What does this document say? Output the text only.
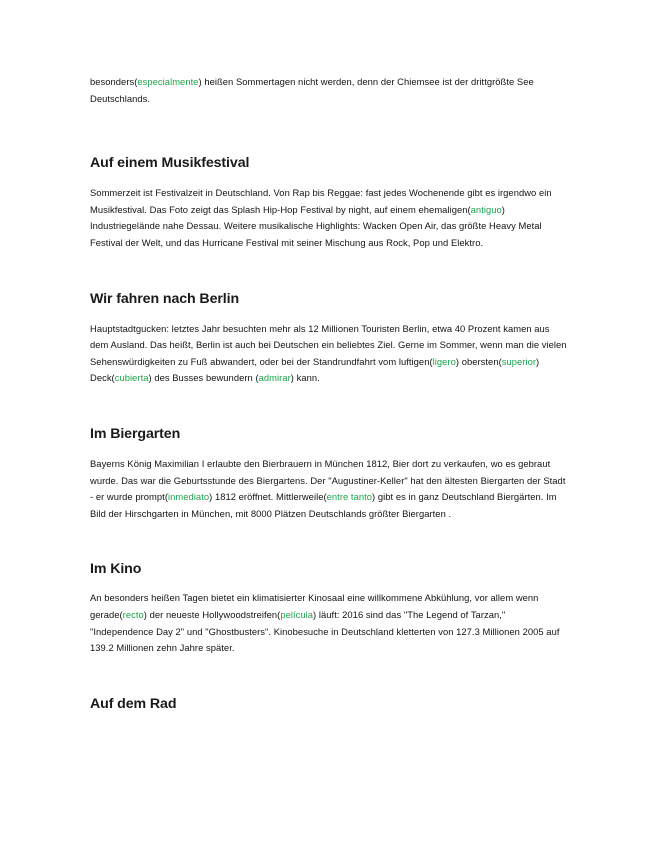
besonders(especialmente) heißen Sommertagen nicht werden, denn der Chiemsee ist der drittgrößte See Deutschlands.

Auf einem Musikfestival

Sommerzeit ist Festivalzeit in Deutschland. Von Rap bis Reggae: fast jedes Wochenende gibt es irgendwo ein Musikfestival. Das Foto zeigt das Splash Hip-Hop Festival by night, auf einem ehemaligen(antiguo) Industriegelände nahe Dessau. Weitere musikalische Highlights: Wacken Open Air, das größte Heavy Metal Festival der Welt, und das Hurricane Festival mit seiner Mischung aus Rock, Pop und Elektro.

Wir fahren nach Berlin

Hauptstadtgucken: letztes Jahr besuchten mehr als 12 Millionen Touristen Berlin, etwa 40 Prozent kamen aus dem Ausland. Das heißt, Berlin ist auch bei Deutschen ein beliebtes Ziel. Gerne im Sommer, wenn man die vielen Sehenswürdigkeiten zu Fuß abwandert, oder bei der Standrundfahrt vom luftigen(ligero) obersten(superior) Deck(cubierta) des Busses bewundern (admirar) kann.

Im Biergarten

Bayerns König Maximilian I erlaubte den Bierbrauern in München 1812, Bier dort zu verkaufen, wo es gebraut wurde. Das war die Geburtsstunde des Biergartens. Der "Augustiner-Keller" hat den ältesten Biergarten der Stadt - er wurde prompt(inmediato) 1812 eröffnet. Mittlerweile(entre tanto) gibt es in ganz Deutschland Biergärten. Im Bild der Hirschgarten in München, mit 8000 Plätzen Deutschlands größter Biergarten .

Im Kino

An besonders heißen Tagen bietet ein klimatisierter Kinosaal eine willkommene Abkühlung, vor allem wenn gerade(recto) der neueste Hollywoodstreifen(película) läuft: 2016 sind das "The Legend of Tarzan," "Independence Day 2" und "Ghostbusters". Kinobesuche in Deutschland kletterten von 127.3 Millionen 2005 auf 139.2 Millionen zehn Jahre später.

Auf dem Rad
